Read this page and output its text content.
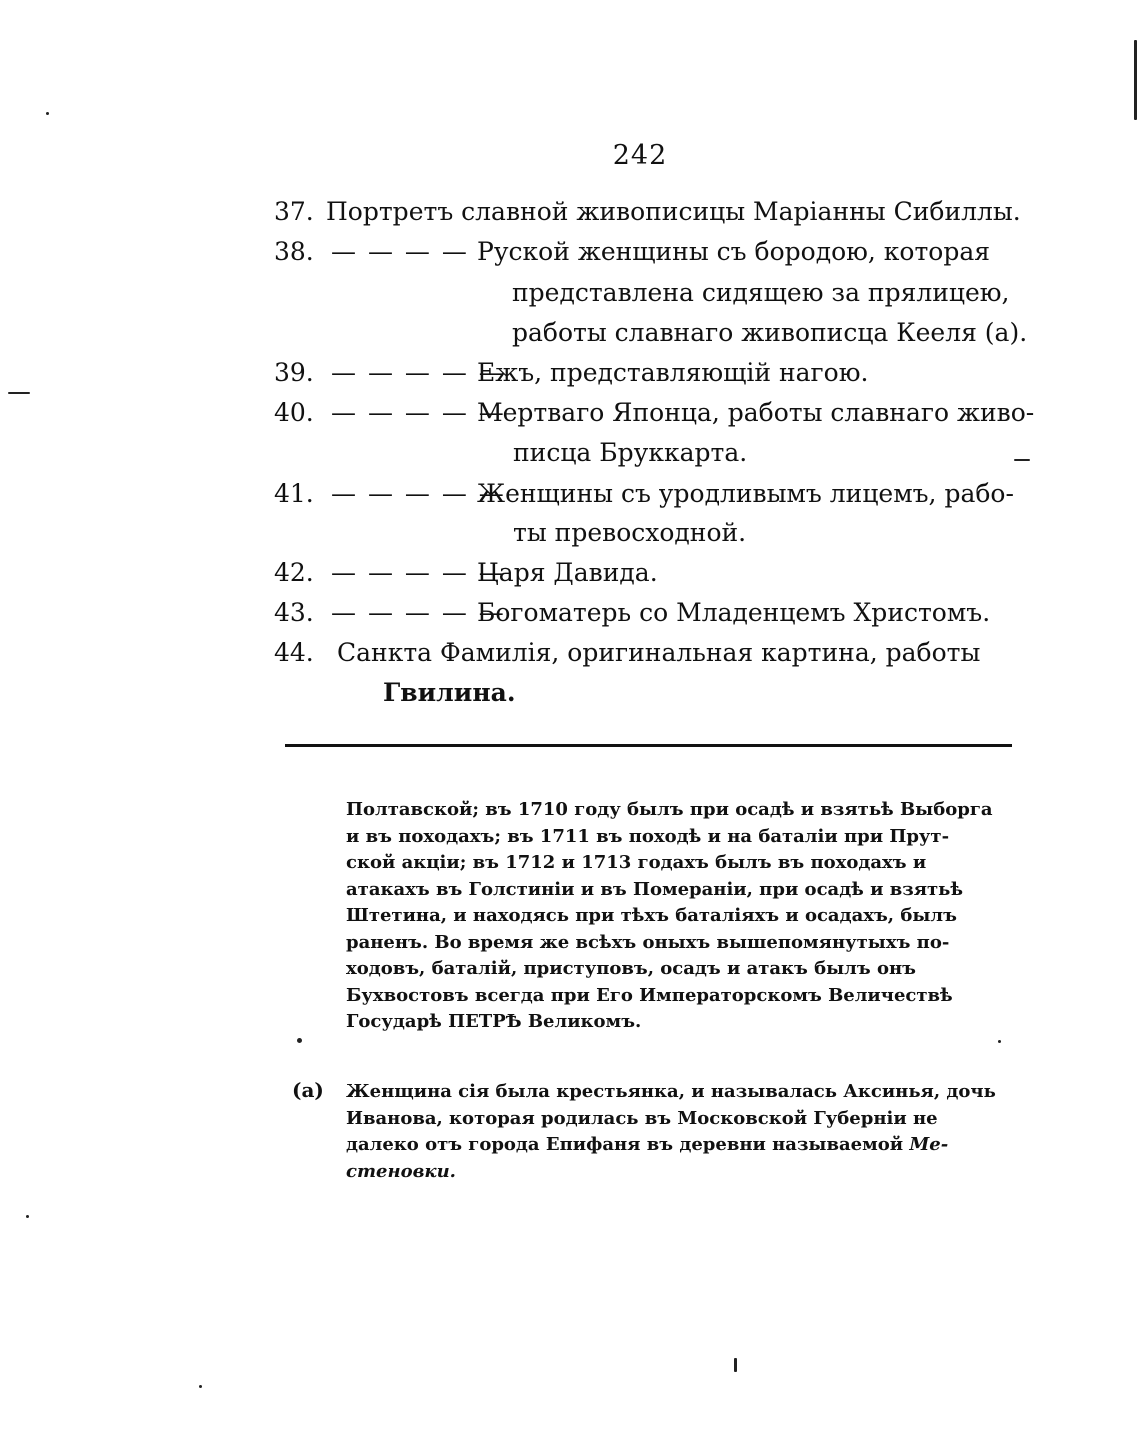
242
37. Портретъ славной живописицы Маріанны Сибиллы.
38. — — — — Руской женщины съ бородою, которая
представлена сидящею за прялицею,
работы славнаго живописца Кееля (а).
39. — — — — —
Ежъ, представляющій нагою.
40. — — — — —
Мертваго Японца, работы славнаго живо-
писца Бруккарта.
41. — — — — —
Женщины съ уродливымъ лицемъ, рабо-
ты превосходной.
42. — — — — —
Царя Давида.
43. — — — — —
Богоматерь со Младенцемъ Христомъ.
44. Санкта Фамилія, оригинальная картина, работы
Гвилина.

Полтавской; въ 1710 году былъ при осадѣ и взятьѣ Выборга

и въ походахъ; въ 1711 въ походѣ и на баталіи при Прут-

ской акціи; въ 1712 и 1713 годахъ былъ въ походахъ и

атакахъ въ Голстиніи и въ Помераніи, при осадѣ и взятьѣ

Штетина, и находясь при тѣхъ баталіяхъ и осадахъ, былъ

раненъ. Во время же всѣхъ оныхъ вышепомянутыхъ по-

ходовъ, баталій, приступовъ, осадъ и атакъ былъ онъ

Бухвостовъ всегда при Его Императорскомъ Величествѣ

Государѣ ПЕТРѢ Великомъ.

(а) Женщина сія была крестьянка, и называлась Аксинья, дочь

Иванова, которая родилась въ Московской Губерніи не

далеко отъ города Епифаня въ деревни называемой Ме-

стеновки.
